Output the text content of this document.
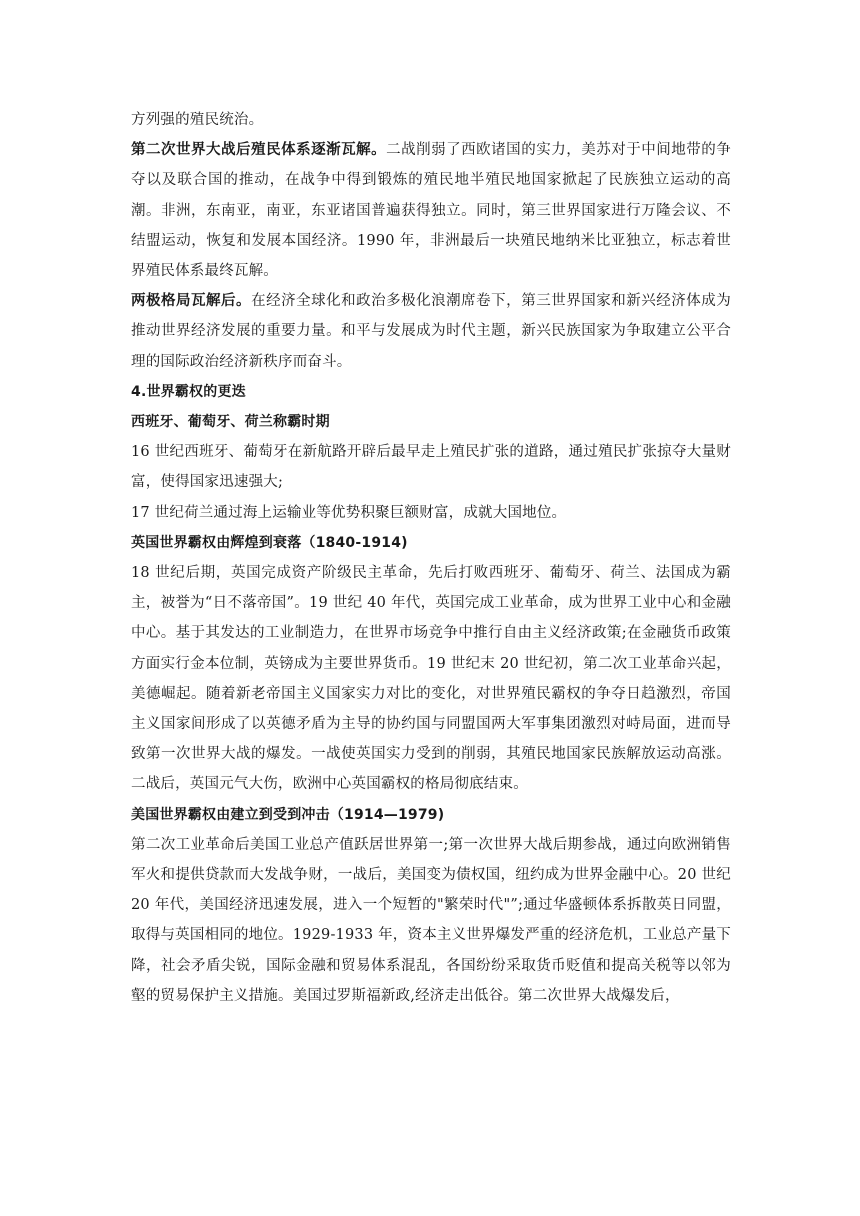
方列强的殖民统治。

第二次世界大战后殖民体系逐渐瓦解。二战削弱了西欧诸国的实力，美苏对于中间地带的争夺以及联合国的推动，在战争中得到锻炼的殖民地半殖民地国家掀起了民族独立运动的高潮。非洲，东南亚，南亚，东亚诸国普遍获得独立。同时，第三世界国家进行万隆会议、不结盟运动，恢复和发展本国经济。1990 年，非洲最后一块殖民地纳米比亚独立，标志着世界殖民体系最终瓦解。

两极格局瓦解后。在经济全球化和政治多极化浪潮席卷下，第三世界国家和新兴经济体成为推动世界经济发展的重要力量。和平与发展成为时代主题，新兴民族国家为争取建立公平合理的国际政治经济新秩序而奋斗。

4.世界霸权的更迭

西班牙、葡萄牙、荷兰称霸时期

16 世纪西班牙、葡萄牙在新航路开辟后最早走上殖民扩张的道路，通过殖民扩张掠夺大量财富，使得国家迅速强大;

17 世纪荷兰通过海上运输业等优势积聚巨额财富，成就大国地位。

英国世界霸权由辉煌到衰落（1840-1914)

18 世纪后期，英国完成资产阶级民主革命，先后打败西班牙、葡萄牙、荷兰、法国成为霸主，被誉为“日不落帝国”。19 世纪 40 年代，英国完成工业革命，成为世界工业中心和金融中心。基于其发达的工业制造力，在世界市场竞争中推行自由主义经济政策;在金融货币政策方面实行金本位制，英镑成为主要世界货币。19 世纪末 20 世纪初，第二次工业革命兴起，美德崛起。随着新老帝国主义国家实力对比的变化，对世界殖民霸权的争夺日趋激烈，帝国主义国家间形成了以英德矛盾为主导的协约国与同盟国两大军事集团激烈对峙局面，进而导致第一次世界大战的爆发。一战使英国实力受到的削弱，其殖民地国家民族解放运动高涨。二战后，英国元气大伤，欧洲中心英国霸权的格局彻底结束。

美国世界霸权由建立到受到冲击（1914—1979)

第二次工业革命后美国工业总产值跃居世界第一;第一次世界大战后期参战，通过向欧洲销售军火和提供贷款而大发战争财，一战后，美国变为债权国，纽约成为世界金融中心。20 世纪 20 年代，美国经济迅速发展，进入一个短暂的"繁荣时代"”;通过华盛顿体系拆散英日同盟，取得与英国相同的地位。1929-1933 年，资本主义世界爆发严重的经济危机，工业总产量下降，社会矛盾尖锐，国际金融和贸易体系混乱，各国纷纷采取货币贬值和提高关税等以邻为壑的贸易保护主义措施。美国过罗斯福新政,经济走出低谷。第二次世界大战爆发后，
